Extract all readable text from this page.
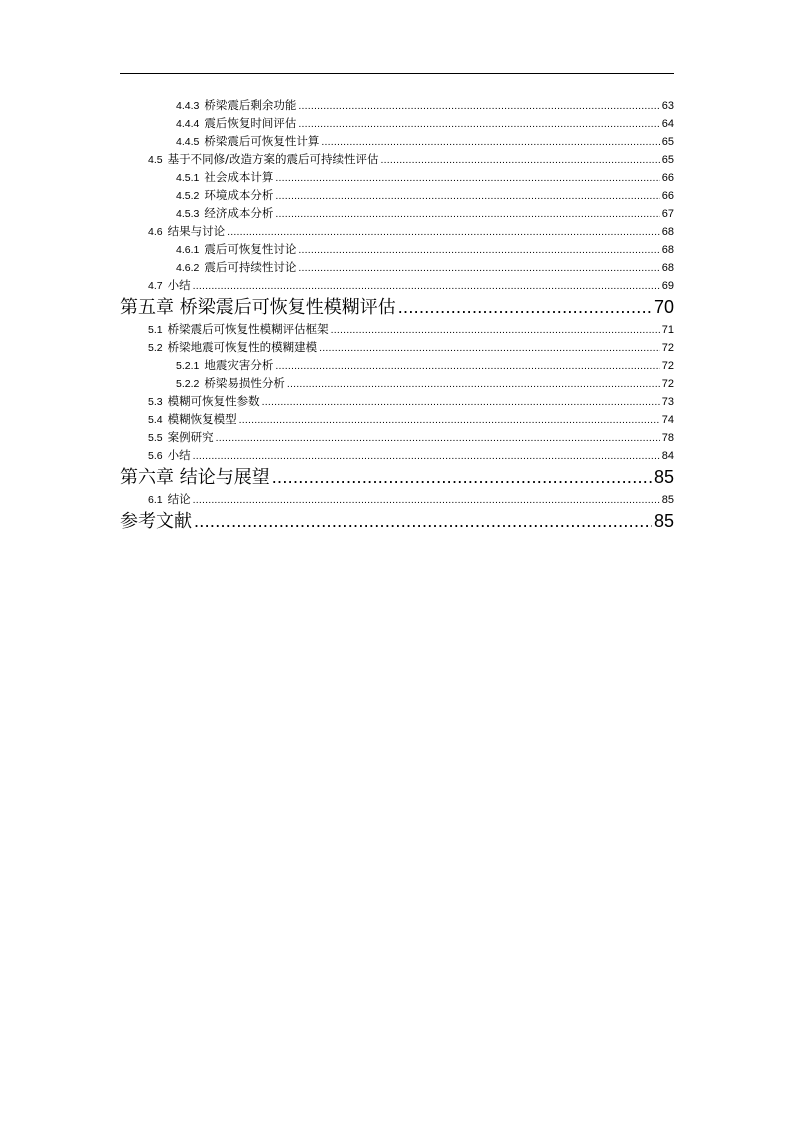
4.4.3 桥梁震后剩余功能 .....	63
4.4.4 震后恢复时间评估 .....	64
4.4.5 桥梁震后可恢复性计算 .....	65
4.5 基于不同修/改造方案的震后可持续性评估 .....	65
4.5.1 社会成本计算 .....	66
4.5.2 环境成本分析 .....	66
4.5.3 经济成本分析 .....	67
4.6 结果与讨论 .....	68
4.6.1 震后可恢复性讨论 .....	68
4.6.2 震后可持续性讨论 .....	68
4.7 小结 .....	69
第五章 桥梁震后可恢复性模糊评估 .....	70
5.1 桥梁震后可恢复性模糊评估框架 .....	71
5.2 桥梁地震可恢复性的模糊建模 .....	72
5.2.1 地震灾害分析 .....	72
5.2.2 桥梁易损性分析 .....	72
5.3 模糊可恢复性参数 .....	73
5.4 模糊恢复模型 .....	74
5.5 案例研究 .....	78
5.6 小结 .....	84
第六章 结论与展望 .....	85
6.1 结论 .....	85
参考文献 .....	85
